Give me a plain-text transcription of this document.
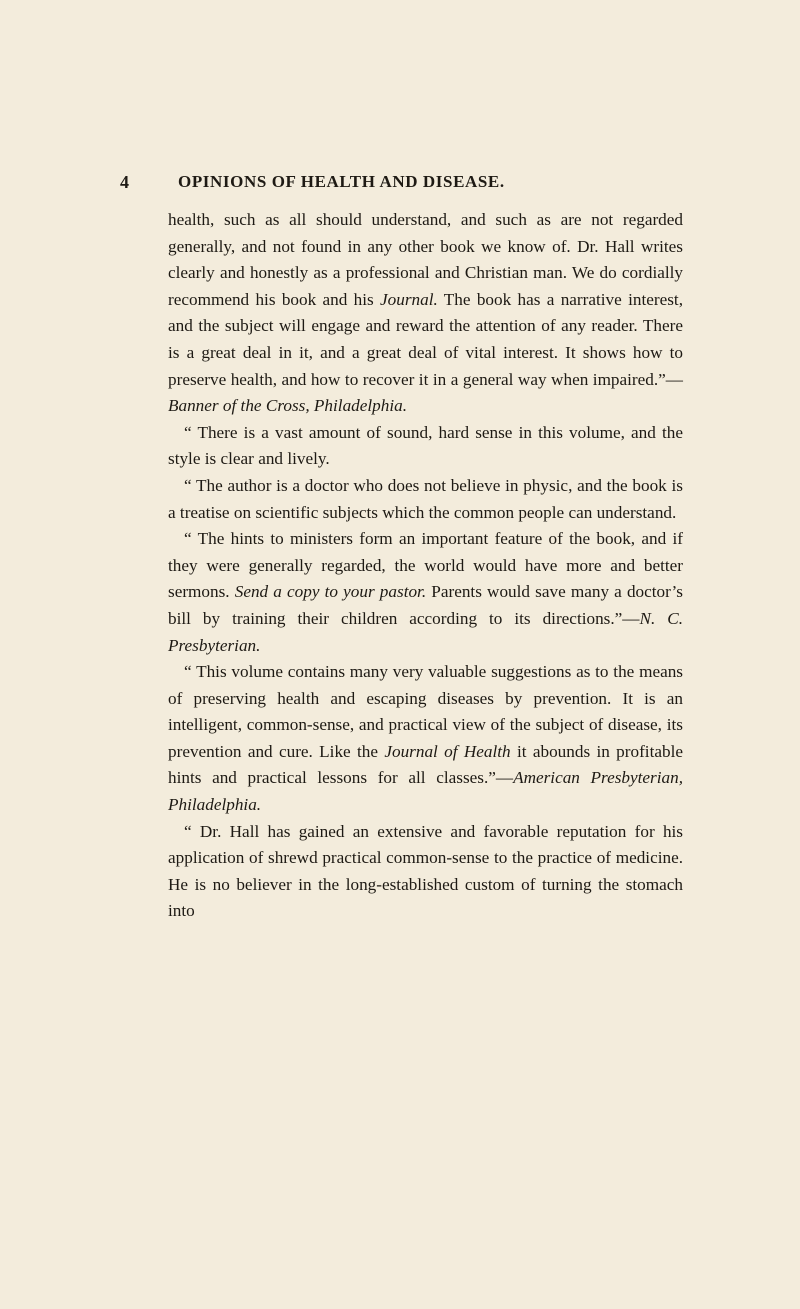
4	OPINIONS OF HEALTH AND DISEASE.

health, such as all should understand, and such as are not regarded generally, and not found in any other book we know of. Dr. Hall writes clearly and honestly as a professional and Christian man. We do cordially recommend his book and his Journal. The book has a narrative interest, and the subject will engage and reward the attention of any reader. There is a great deal in it, and a great deal of vital interest. It shows how to preserve health, and how to recover it in a general way when impaired.”—Banner of the Cross, Philadelphia.

“ There is a vast amount of sound, hard sense in this volume, and the style is clear and lively.

“ The author is a doctor who does not believe in physic, and the book is a treatise on scientific subjects which the common people can understand.

“ The hints to ministers form an important feature of the book, and if they were generally regarded, the world would have more and better sermons. Send a copy to your pastor. Parents would save many a doctor’s bill by training their children according to its directions.”—N. C. Presbyterian.

“ This volume contains many very valuable suggestions as to the means of preserving health and escaping diseases by prevention. It is an intelligent, common-sense, and practical view of the subject of disease, its prevention and cure. Like the Journal of Health it abounds in profitable hints and practical lessons for all classes.”—American Presbyterian, Philadelphia.

“ Dr. Hall has gained an extensive and favorable reputation for his application of shrewd practical common-sense to the practice of medicine. He is no believer in the long-established custom of turning the stomach into
